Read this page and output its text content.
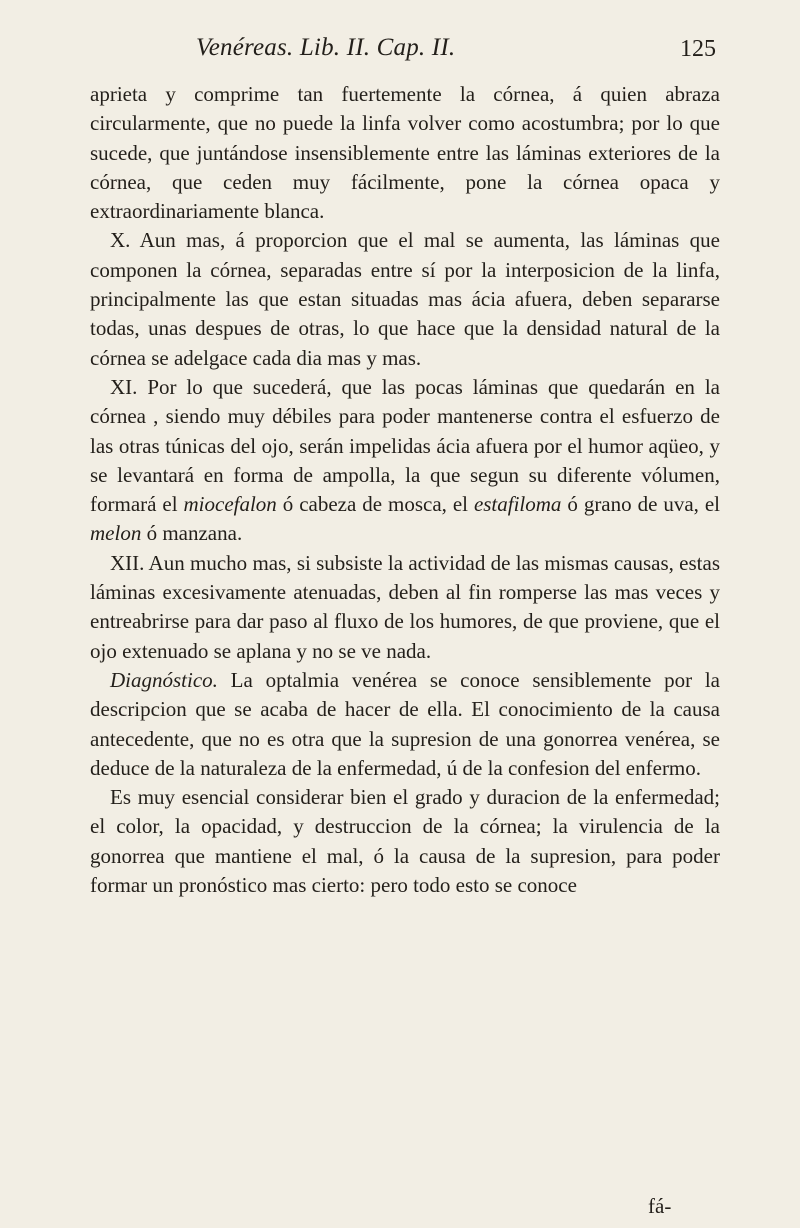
Venéreas. Lib. II. Cap. II.	125

aprieta y comprime tan fuertemente la córnea, á quien abraza circularmente, que no puede la linfa volver como acostumbra; por lo que sucede, que juntándose insensiblemente entre las láminas exteriores de la córnea, que ceden muy fácilmente, pone la córnea opaca y extraordinariamente blanca.

X. Aun mas, á proporcion que el mal se aumenta, las láminas que componen la córnea, separadas entre sí por la interposicion de la linfa, principalmente las que estan situadas mas ácia afuera, deben separarse todas, unas despues de otras, lo que hace que la densidad natural de la córnea se adelgace cada dia mas y mas.

XI. Por lo que sucederá, que las pocas láminas que quedarán en la córnea , siendo muy débiles para poder mantenerse contra el esfuerzo de las otras túnicas del ojo, serán impelidas ácia afuera por el humor aqüeo, y se levantará en forma de ampolla, la que segun su diferente vólumen, formará el miocefalon ó cabeza de mosca, el estafiloma ó grano de uva, el melon ó manzana.

XII. Aun mucho mas, si subsiste la actividad de las mismas causas, estas láminas excesivamente atenuadas, deben al fin romperse las mas veces y entreabrirse para dar paso al fluxo de los humores, de que proviene, que el ojo extenuado se aplana y no se ve nada.

Diagnóstico. La optalmia venérea se conoce sensiblemente por la descripcion que se acaba de hacer de ella. El conocimiento de la causa antecedente, que no es otra que la supresion de una gonorrea venérea, se deduce de la naturaleza de la enfermedad, ú de la confesion del enfermo.

Es muy esencial considerar bien el grado y duracion de la enfermedad; el color, la opacidad, y destruccion de la córnea; la virulencia de la gonorrea que mantiene el mal, ó la causa de la supresion, para poder formar un pronóstico mas cierto: pero todo esto se conoce

fá-
